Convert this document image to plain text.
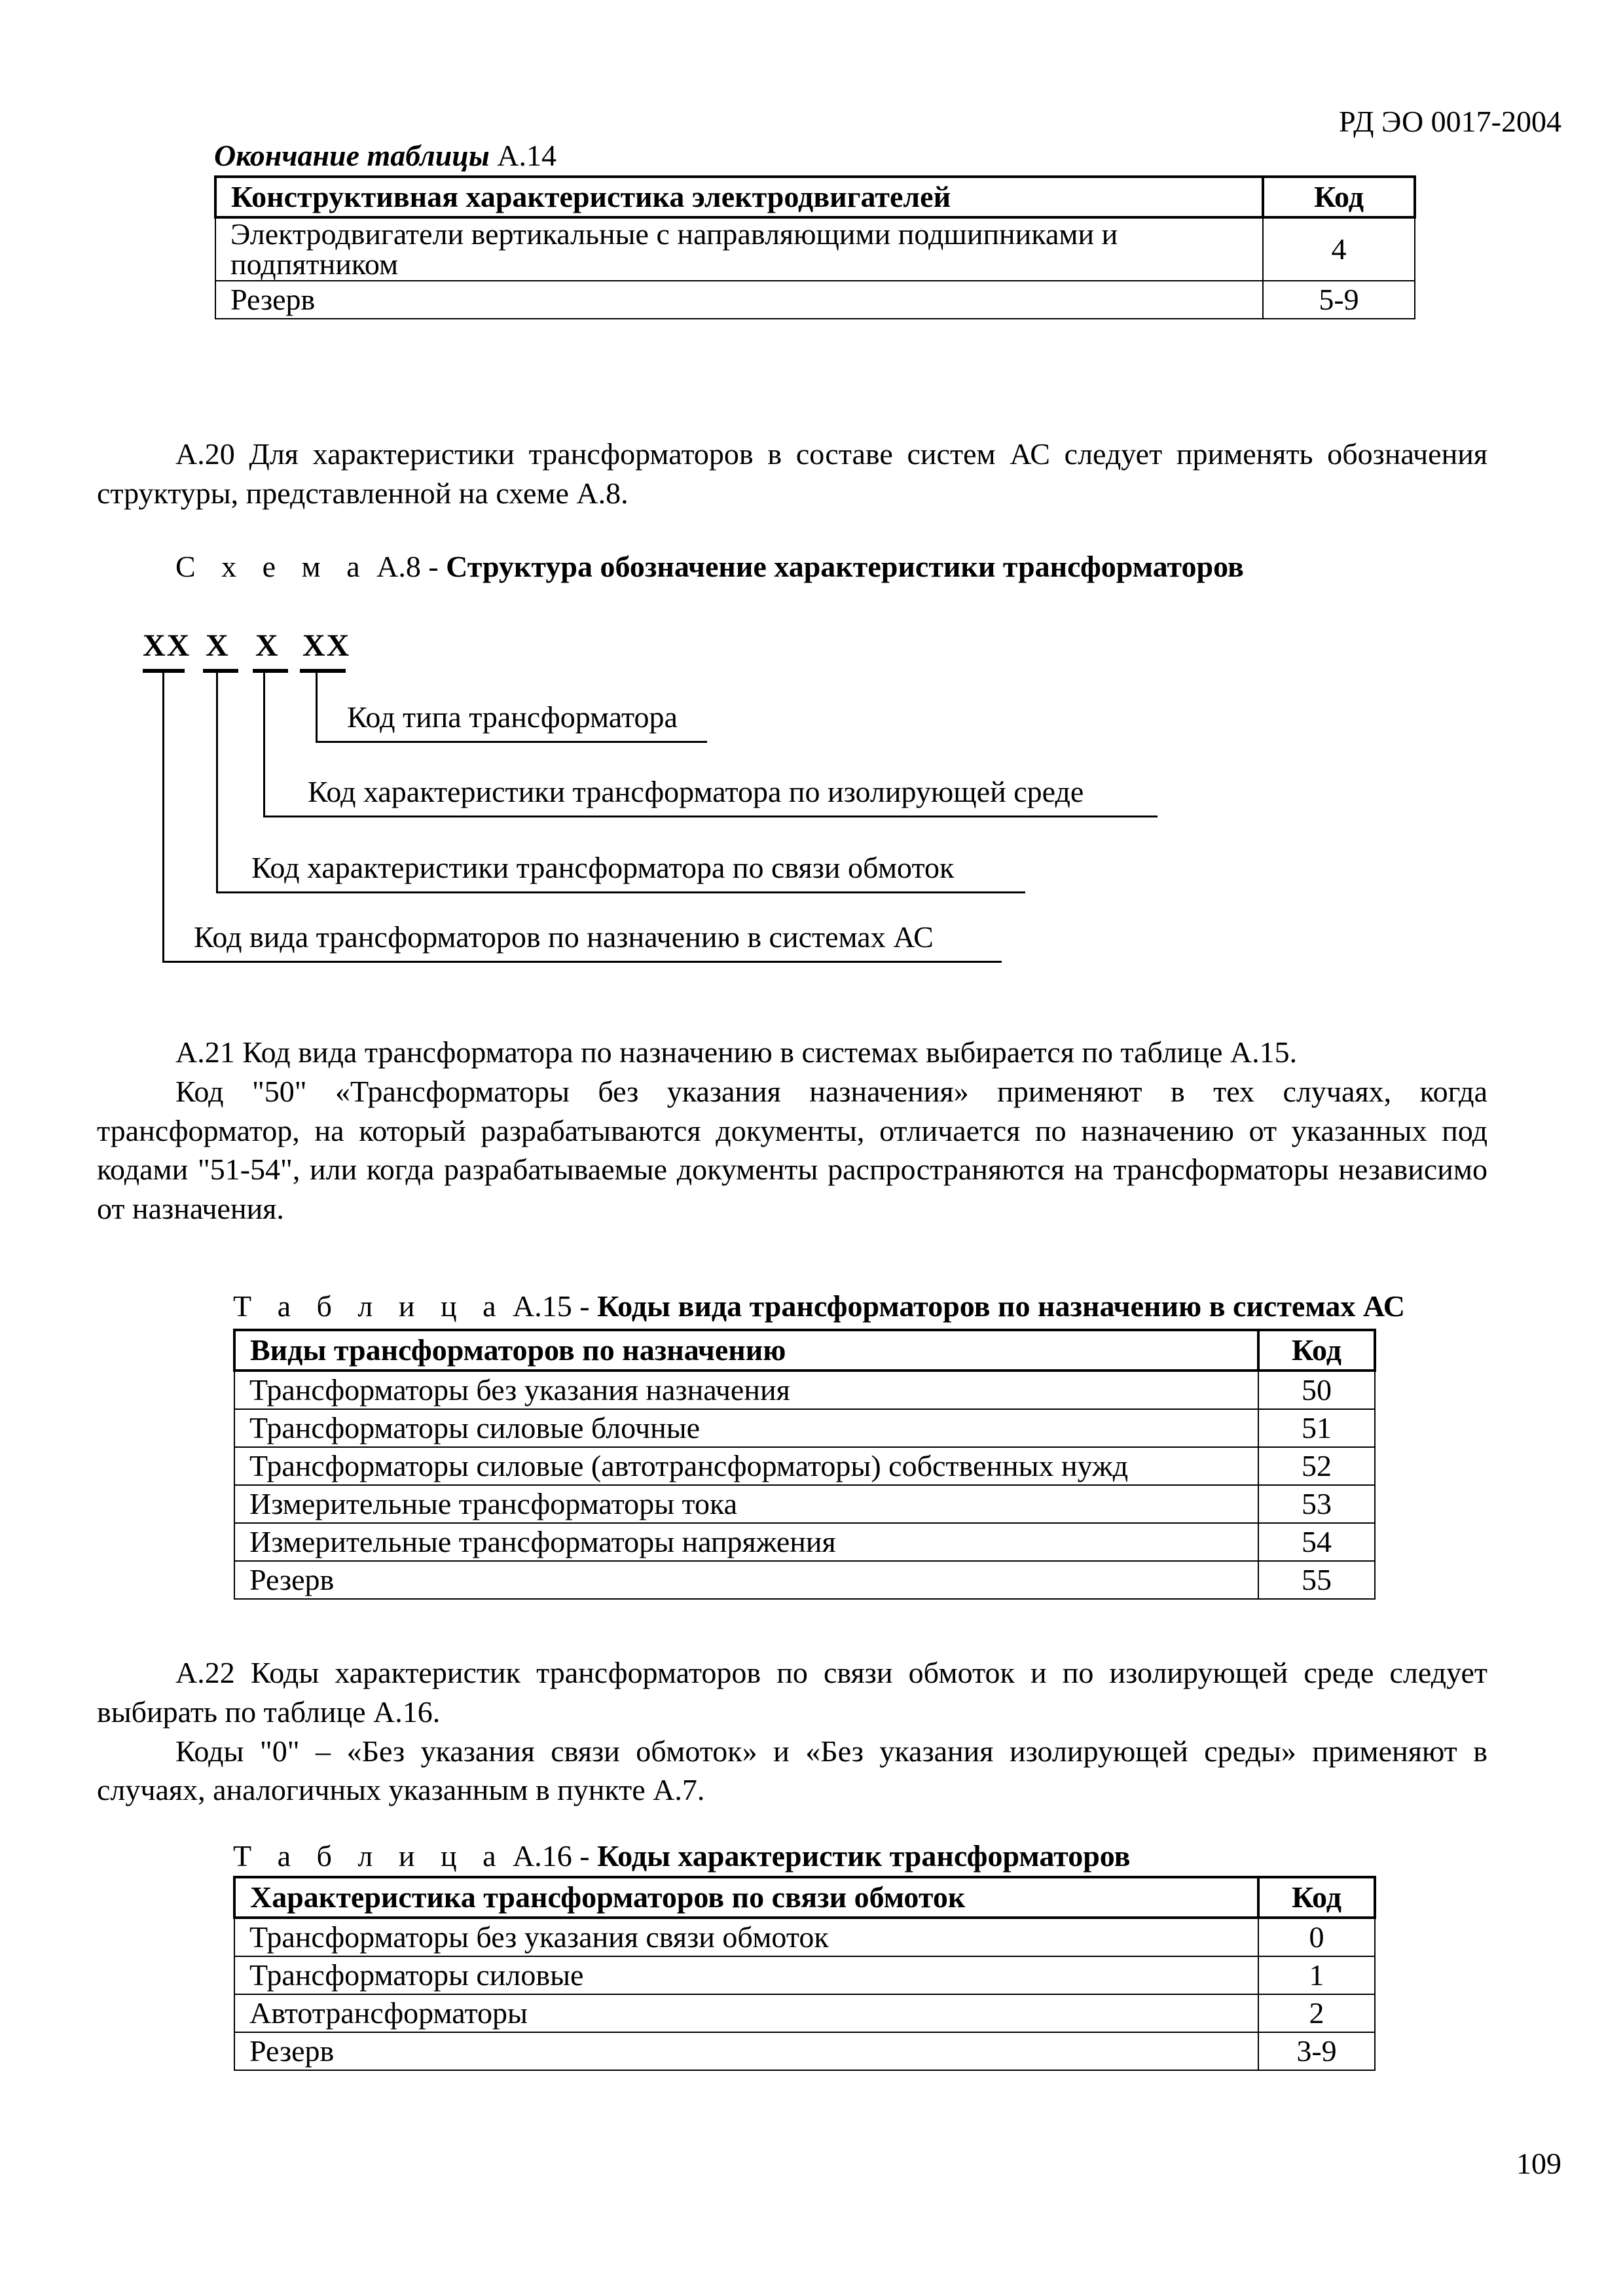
РД ЭО 0017-2004
Окончание таблицы А.14
Конструктивная характеристика электродвигателей	Код
Электродвигатели вертикальные с направляющими подшипниками и подпятником	4
Резерв	5-9

А.20 Для характеристики трансформаторов в составе систем АС следует применять обозначения структуры, представленной на схеме А.8.

С х е м а А.8 - Структура обозначение характеристики трансформаторов
ХХ Х Х ХХ
Код типа трансформатора
Код характеристики трансформатора по изолирующей среде
Код характеристики трансформатора по связи обмоток
Код вида трансформаторов по назначению в системах АС

А.21 Код вида трансформатора по назначению в системах выбирается по таблице А.15.

Код "50" «Трансформаторы без указания назначения» применяют в тех случаях, когда трансформатор, на который разрабатываются документы, отличается по назначению от указанных под кодами "51-54", или когда разрабатываемые документы распространяются на трансформаторы независимо от назначения.

Т а б л и ц а А.15 - Коды вида трансформаторов по назначению в системах АС
Виды трансформаторов по назначению	Код
Трансформаторы без указания назначения	50
Трансформаторы силовые блочные	51
Трансформаторы силовые (автотрансформаторы) собственных нужд	52
Измерительные трансформаторы тока	53
Измерительные трансформаторы напряжения	54
Резерв	55

А.22 Коды характеристик трансформаторов по связи обмоток и по изолирующей среде следует выбирать по таблице А.16.

Коды "0" – «Без указания связи обмоток» и «Без указания изолирующей среды» применяют в случаях, аналогичных указанным в пункте А.7.

Т а б л и ц а А.16 - Коды характеристик трансформаторов
Характеристика трансформаторов по связи обмоток	Код
Трансформаторы без указания связи обмоток	0
Трансформаторы силовые	1
Автотрансформаторы	2
Резерв	3-9
109
